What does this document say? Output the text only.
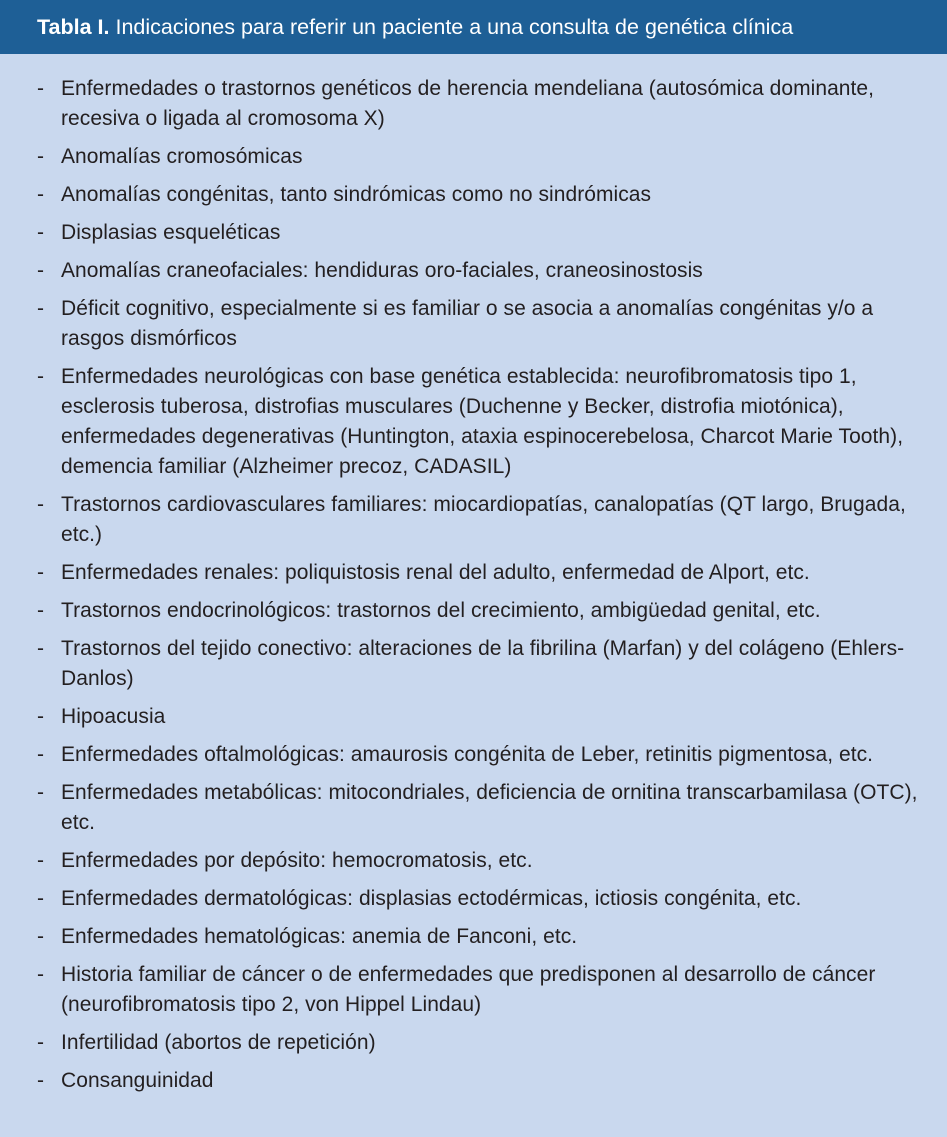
Tabla I. Indicaciones para referir un paciente a una consulta de genética clínica
- Enfermedades o trastornos genéticos de herencia mendeliana (autosómica dominante, recesiva o ligada al cromosoma X)
- Anomalías cromosómicas
- Anomalías congénitas, tanto sindrómicas como no sindrómicas
- Displasias esqueléticas
- Anomalías craneofaciales: hendiduras oro-faciales, craneosinostosis
- Déficit cognitivo, especialmente si es familiar o se asocia a anomalías congénitas y/o a rasgos dismórficos
- Enfermedades neurológicas con base genética establecida: neurofibromatosis tipo 1, esclerosis tuberosa, distrofias musculares (Duchenne y Becker, distrofia miotónica), enfermedades degenerativas (Huntington, ataxia espinocerebelosa, Charcot Marie Tooth), demencia familiar (Alzheimer precoz, CADASIL)
- Trastornos cardiovasculares familiares: miocardiopatías, canalopatías (QT largo, Brugada, etc.)
- Enfermedades renales: poliquistosis renal del adulto, enfermedad de Alport, etc.
- Trastornos endocrinológicos: trastornos del crecimiento, ambigüedad genital, etc.
- Trastornos del tejido conectivo: alteraciones de la fibrilina (Marfan) y del colágeno (Ehlers-Danlos)
- Hipoacusia
- Enfermedades oftalmológicas: amaurosis congénita de Leber, retinitis pigmentosa, etc.
- Enfermedades metabólicas: mitocondriales, deficiencia de ornitina transcarbamilasa (OTC), etc.
- Enfermedades por depósito: hemocromatosis, etc.
- Enfermedades dermatológicas: displasias ectodérmicas, ictiosis congénita, etc.
- Enfermedades hematológicas: anemia de Fanconi, etc.
- Historia familiar de cáncer o de enfermedades que predisponen al desarrollo de cáncer (neurofibromatosis tipo 2, von Hippel Lindau)
- Infertilidad (abortos de repetición)
- Consanguinidad
